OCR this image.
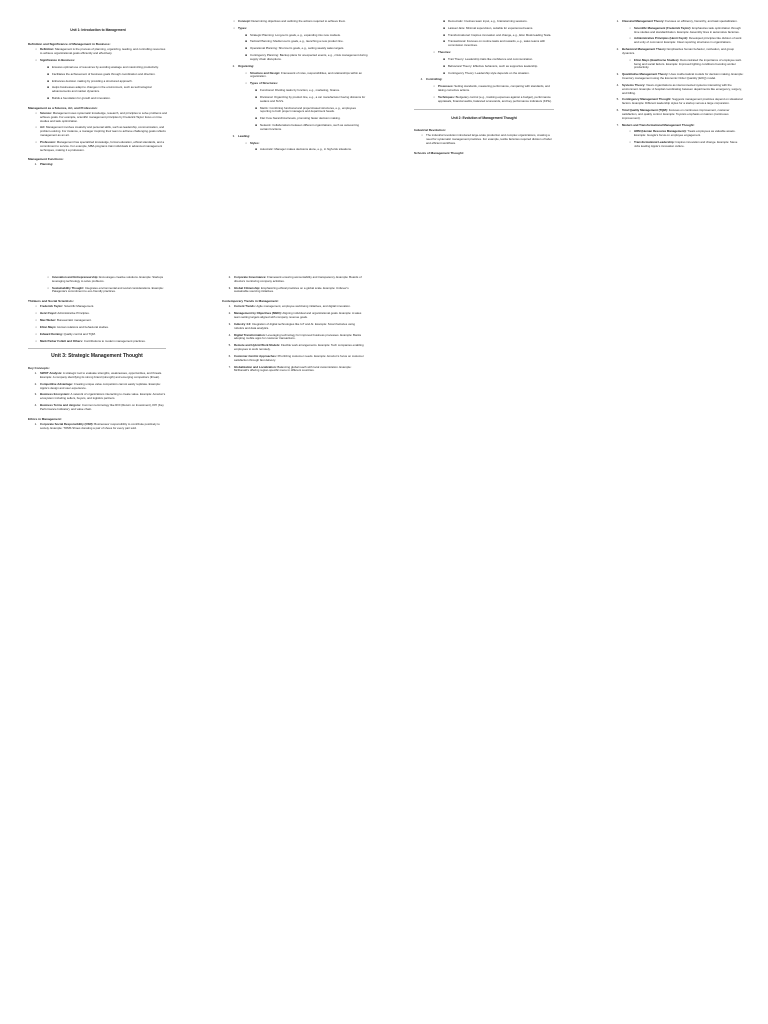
Unit 1: Introduction to Management
Definition and Significance of Management in Business:
○ Definition: Management is the process of planning, organizing, leading, and controlling resources to achieve organizational goals efficiently and effectively.
○ Significance in Business:
■ Ensures optimal use of resources by avoiding wastage and maximizing productivity.
■ Facilitates the achievement of business goals through coordination and direction.
■ Enhances decision making by providing a structured approach.
■ Helps businesses adapt to changes in the environment, such as technological advancements and market dynamics.
■ Builds a foundation for growth and innovation.
Management as a Science, Art, and Profession:
○ Science: Management uses systematic knowledge, research, and principles to solve problems and achieve goals. For example, scientific management principles by Frederick Taylor focus on time studies and task optimization.
○ Art: Management involves creativity and personal skills, such as leadership, communication, and problem-solving. For instance, a manager inspiring their team to achieve challenging goals reflects management as an art.
○ Profession: Management has specialized knowledge, formal education, ethical standards, and a commitment to service. For example, MBA programs train individuals in advanced management techniques, making it a profession.
Management Functions:
1. Planning:
○ Concept: Determining objectives and outlining the actions required to achieve them.
○ Types:
■ Strategic Planning: Long-term goals, e.g., expanding into new markets.
■ Tactical Planning: Medium-term goals, e.g., launching a new product line.
■ Operational Planning: Short-term goals, e.g., setting weekly sales targets.
■ Contingency Planning: Backup plans for unexpected events, e.g., crisis management during supply chain disruptions.
2. Organizing:
○ Structure and Design: Framework of roles, responsibilities, and relationships within an organization.
○ Types of Structures:
■ Functional: Dividing tasks by function, e.g., marketing, finance.
■ Divisional: Organizing by product line, e.g., a car manufacturer having divisions for sedans and SUVs.
■ Matrix: Combining functional and project-based structures, e.g., employees reporting to both project managers and department heads.
■ Flat: Few hierarchical levels, promoting faster decision making.
■ Network: Collaborations between different organizations, such as outsourcing certain functions.
3. Leading:
○ Styles:
■ Autocratic: Manager makes decisions alone, e.g., in high-risk situations.
■ Democratic: Involves team input, e.g., brainstorming sessions.
■ Laissez-faire: Minimal supervision, suitable for experienced teams.
■ Transformational: Inspires innovation and change, e.g., Elon Musk leading Tesla.
■ Transactional: Focuses on routine tasks and rewards, e.g., sales teams with commission incentives.
○ Theories:
■ Trait Theory: Leadership traits like confidence and communication.
■ Behavioral Theory: Effective behaviors, such as supportive leadership.
■ Contingency Theory: Leadership style depends on the situation.
4. Controlling:
○ Processes: Setting standards, measuring performance, comparing with standards, and taking corrective actions.
○ Techniques: Budgetary control (e.g., tracking expenses against a budget), performance appraisals, financial audits, balanced scorecards, and key performance indicators (KPIs).
Unit 2: Evolution of Management Thought
Industrial Revolution:
○ The industrial revolution introduced large-scale production and complex organizations, creating a need for systematic management practices. For example, textile factories required division of labor and efficient workflows.
Schools of Management Thought:
1. Classical Management Theory: Focuses on efficiency, hierarchy, and task specialization.
○ Scientific Management (Frederick Taylor): Emphasizes task optimization through time studies and standardization. Example: Assembly lines in automotive factories.
○ Administrative Principles (Henri Fayol): Developed principles like division of work and unity of command. Example: Clear reporting structures in organizations.
2. Behavioral Management Theory: Emphasizes human behavior, motivation, and group dynamics.
○ Elton Mayo (Hawthorne Studies): Demonstrated the importance of employee well-being and social factors. Example: Improved lighting conditions boosting worker productivity.
3. Quantitative Management Theory: Uses mathematical models for decision making. Example: Inventory management using the Economic Order Quantity (EOQ) model.
4. Systems Theory: Views organizations as interconnected systems interacting with the environment. Example: A hospital coordinating between departments like emergency, surgery, and billing.
5. Contingency Management Thought: Suggests management practices depend on situational factors. Example: Different leadership styles for a startup versus a large corporation.
6. Total Quality Management (TQM): Focuses on continuous improvement, customer satisfaction, and quality control. Example: Toyota's emphasis on kaizen (continuous improvement).
7. Modern and Transformational Management Thought:
○ HRM (Human Resource Management): Treats employees as valuable assets. Example: Google's focus on employee engagement.
○ Transformational Leadership: Inspires innovation and change. Example: Steve Jobs leading Apple's innovation culture.
○ Innovation and Entrepreneurship: Encourages creative solutions. Example: Startups leveraging technology to solve problems.
○ Sustainability Thought: Integrates environmental and social considerations. Example: Patagonia's commitment to eco-friendly practices.
Thinkers and Social Scientists:
○ Frederick Taylor: Scientific Management.
○ Henri Fayol: Administrative Principles.
○ Max Weber: Bureaucratic management.
○ Elton Mayo: Human relations and behavioral studies.
○ Edward Deming: Quality control and TQM.
○ Mark Parker Follett and Others: Contributions to modern management practices.
Unit 3: Strategic Management Thought
Key Concepts:
1. SWOT Analysis: A strategic tool to evaluate strengths, weaknesses, opportunities, and threats. Example: A company identifying its strong brand (strength) and emerging competitors (threat).
2. Competitive Advantage: Creating unique value competitors cannot easily replicate. Example: Apple's design and user experience.
3. Business Ecosystem: A network of organizations interacting to create value. Example: Amazon's ecosystem including sellers, buyers, and logistics partners.
4. Business Terms and Jargons: Common terminology like ROI (Return on Investment), KPI (Key Performance Indicator), and value chain.
Ethics in Management:
1. Corporate Social Responsibility (CSR): Businesses' responsibility to contribute positively to society. Example: TOMS Shoes donating a pair of shoes for every pair sold.
2. Corporate Governance: Framework ensuring accountability and transparency. Example: Boards of directors monitoring company activities.
3. Global Citizenship: Emphasizing ethical practices on a global scale. Example: Unilever's sustainable sourcing initiatives.
Contemporary Trends in Management:
1. Current Trends: Agile management, employee well-being initiatives, and digital innovation.
2. Management by Objectives (MBO): Aligning individual and organizational goals. Example: A sales team setting targets aligned with company revenue goals.
3. Industry 4.0: Integration of digital technologies like IoT and AI. Example: Smart factories using robotics and data analytics.
4. Digital Transformation: Leveraging technology for improved business processes. Example: Banks adopting mobile apps for customer transactions.
5. Remote and Hybrid Work Models: Flexible work arrangements. Example: Tech companies enabling employees to work remotely.
6. Customer-Centric Approaches: Prioritizing customer needs. Example: Amazon's focus on customer satisfaction through fast delivery.
7. Globalization and Localization: Balancing global reach with local customization. Example: McDonald's offering region-specific menu in different countries.
